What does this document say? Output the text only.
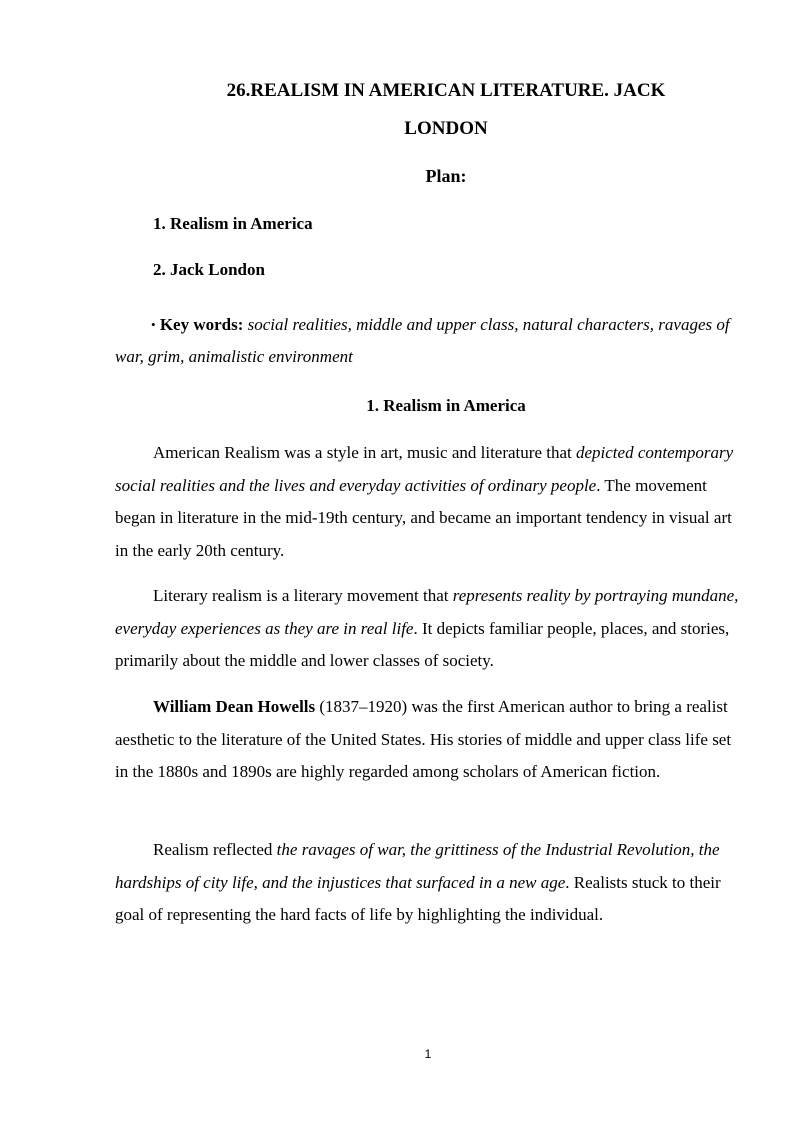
26.REALISM IN AMERICAN LITERATURE. JACK
LONDON

Plan:

1. Realism in America

2. Jack London

• Key words: social realities, middle and upper class, natural characters, ravages of war, grim, animalistic environment

1. Realism in America

American Realism was a style in art, music and literature that depicted contemporary social realities and the lives and everyday activities of ordinary people. The movement began in literature in the mid-19th century, and became an important tendency in visual art in the early 20th century.

Literary realism is a literary movement that represents reality by portraying mundane, everyday experiences as they are in real life. It depicts familiar people, places, and stories, primarily about the middle and lower classes of society.

William Dean Howells (1837–1920) was the first American author to bring a realist aesthetic to the literature of the United States. His stories of middle and upper class life set in the 1880s and 1890s are highly regarded among scholars of American fiction.

Realism reflected the ravages of war, the grittiness of the Industrial Revolution, the hardships of city life, and the injustices that surfaced in a new age. Realists stuck to their goal of representing the hard facts of life by highlighting the individual.

1
